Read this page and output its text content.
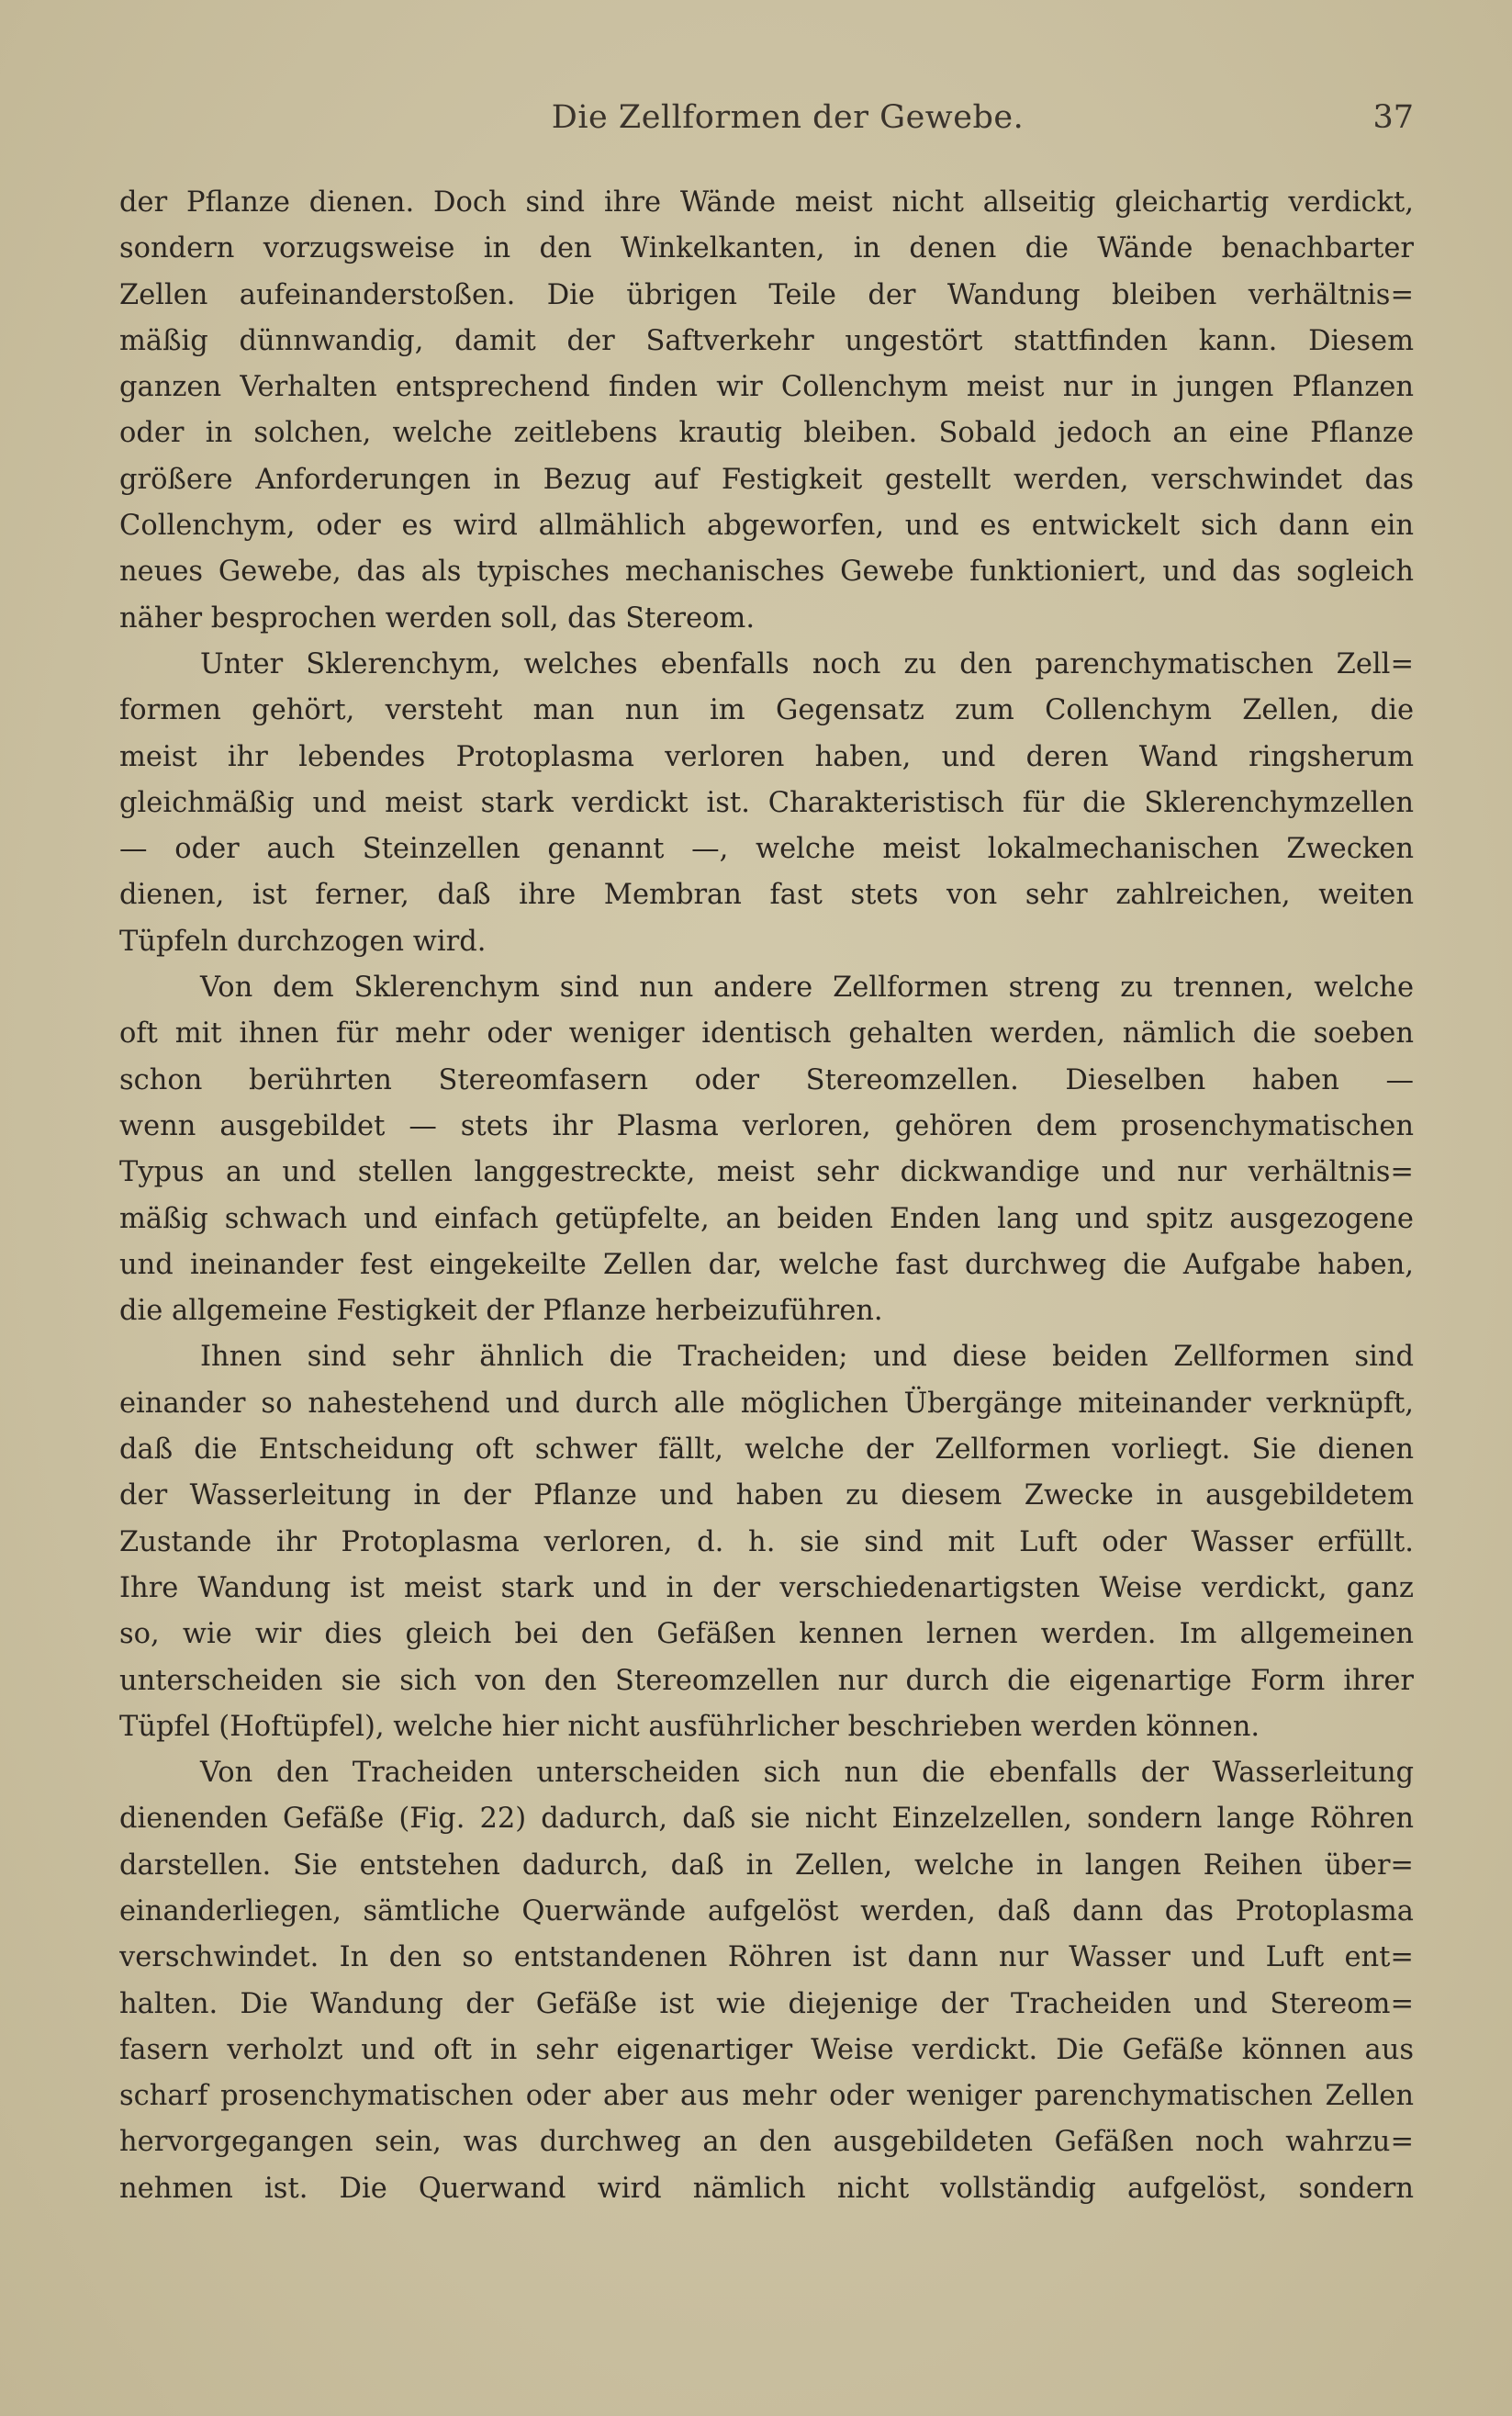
Die Zellformen der Gewebe.	37
der Pflanze dienen. Doch sind ihre Wände meist nicht allseitig gleichartig verdickt,
sondern vorzugsweise in den Winkelkanten, in denen die Wände benachbarter
Zellen aufeinanderstoßen. Die übrigen Teile der Wandung bleiben verhältnis=
mäßig dünnwandig, damit der Saftverkehr ungestört stattfinden kann. Diesem
ganzen Verhalten entsprechend finden wir Collenchym meist nur in jungen Pflanzen
oder in solchen, welche zeitlebens krautig bleiben. Sobald jedoch an eine Pflanze
größere Anforderungen in Bezug auf Festigkeit gestellt werden, verschwindet das
Collenchym, oder es wird allmählich abgeworfen, und es entwickelt sich dann ein
neues Gewebe, das als typisches mechanisches Gewebe funktioniert, und das sogleich
näher besprochen werden soll, das Stereom.
Unter Sklerenchym, welches ebenfalls noch zu den parenchymatischen Zell=
formen gehört, versteht man nun im Gegensatz zum Collenchym Zellen, die
meist ihr lebendes Protoplasma verloren haben, und deren Wand ringsherum
gleichmäßig und meist stark verdickt ist. Charakteristisch für die Sklerenchymzellen
— oder auch Steinzellen genannt —, welche meist lokalmechanischen Zwecken
dienen, ist ferner, daß ihre Membran fast stets von sehr zahlreichen, weiten
Tüpfeln durchzogen wird.
Von dem Sklerenchym sind nun andere Zellformen streng zu trennen, welche
oft mit ihnen für mehr oder weniger identisch gehalten werden, nämlich die soeben
schon berührten Stereomfasern oder Stereomzellen. Dieselben haben —
wenn ausgebildet — stets ihr Plasma verloren, gehören dem prosenchymatischen
Typus an und stellen langgestreckte, meist sehr dickwandige und nur verhältnis=
mäßig schwach und einfach getüpfelte, an beiden Enden lang und spitz ausgezogene
und ineinander fest eingekeilte Zellen dar, welche fast durchweg die Aufgabe haben,
die allgemeine Festigkeit der Pflanze herbeizuführen.
Ihnen sind sehr ähnlich die Tracheiden; und diese beiden Zellformen sind
einander so nahestehend und durch alle möglichen Übergänge miteinander verknüpft,
daß die Entscheidung oft schwer fällt, welche der Zellformen vorliegt. Sie dienen
der Wasserleitung in der Pflanze und haben zu diesem Zwecke in ausgebildetem
Zustande ihr Protoplasma verloren, d. h. sie sind mit Luft oder Wasser erfüllt.
Ihre Wandung ist meist stark und in der verschiedenartigsten Weise verdickt, ganz
so, wie wir dies gleich bei den Gefäßen kennen lernen werden. Im allgemeinen
unterscheiden sie sich von den Stereomzellen nur durch die eigenartige Form ihrer
Tüpfel (Hoftüpfel), welche hier nicht ausführlicher beschrieben werden können.
Von den Tracheiden unterscheiden sich nun die ebenfalls der Wasserleitung
dienenden Gefäße (Fig. 22) dadurch, daß sie nicht Einzelzellen, sondern lange Röhren
darstellen. Sie entstehen dadurch, daß in Zellen, welche in langen Reihen über=
einanderliegen, sämtliche Querwände aufgelöst werden, daß dann das Protoplasma
verschwindet. In den so entstandenen Röhren ist dann nur Wasser und Luft ent=
halten. Die Wandung der Gefäße ist wie diejenige der Tracheiden und Stereom=
fasern verholzt und oft in sehr eigenartiger Weise verdickt. Die Gefäße können aus
scharf prosenchymatischen oder aber aus mehr oder weniger parenchymatischen Zellen
hervorgegangen sein, was durchweg an den ausgebildeten Gefäßen noch wahrzu=
nehmen ist. Die Querwand wird nämlich nicht vollständig aufgelöst, sondern
